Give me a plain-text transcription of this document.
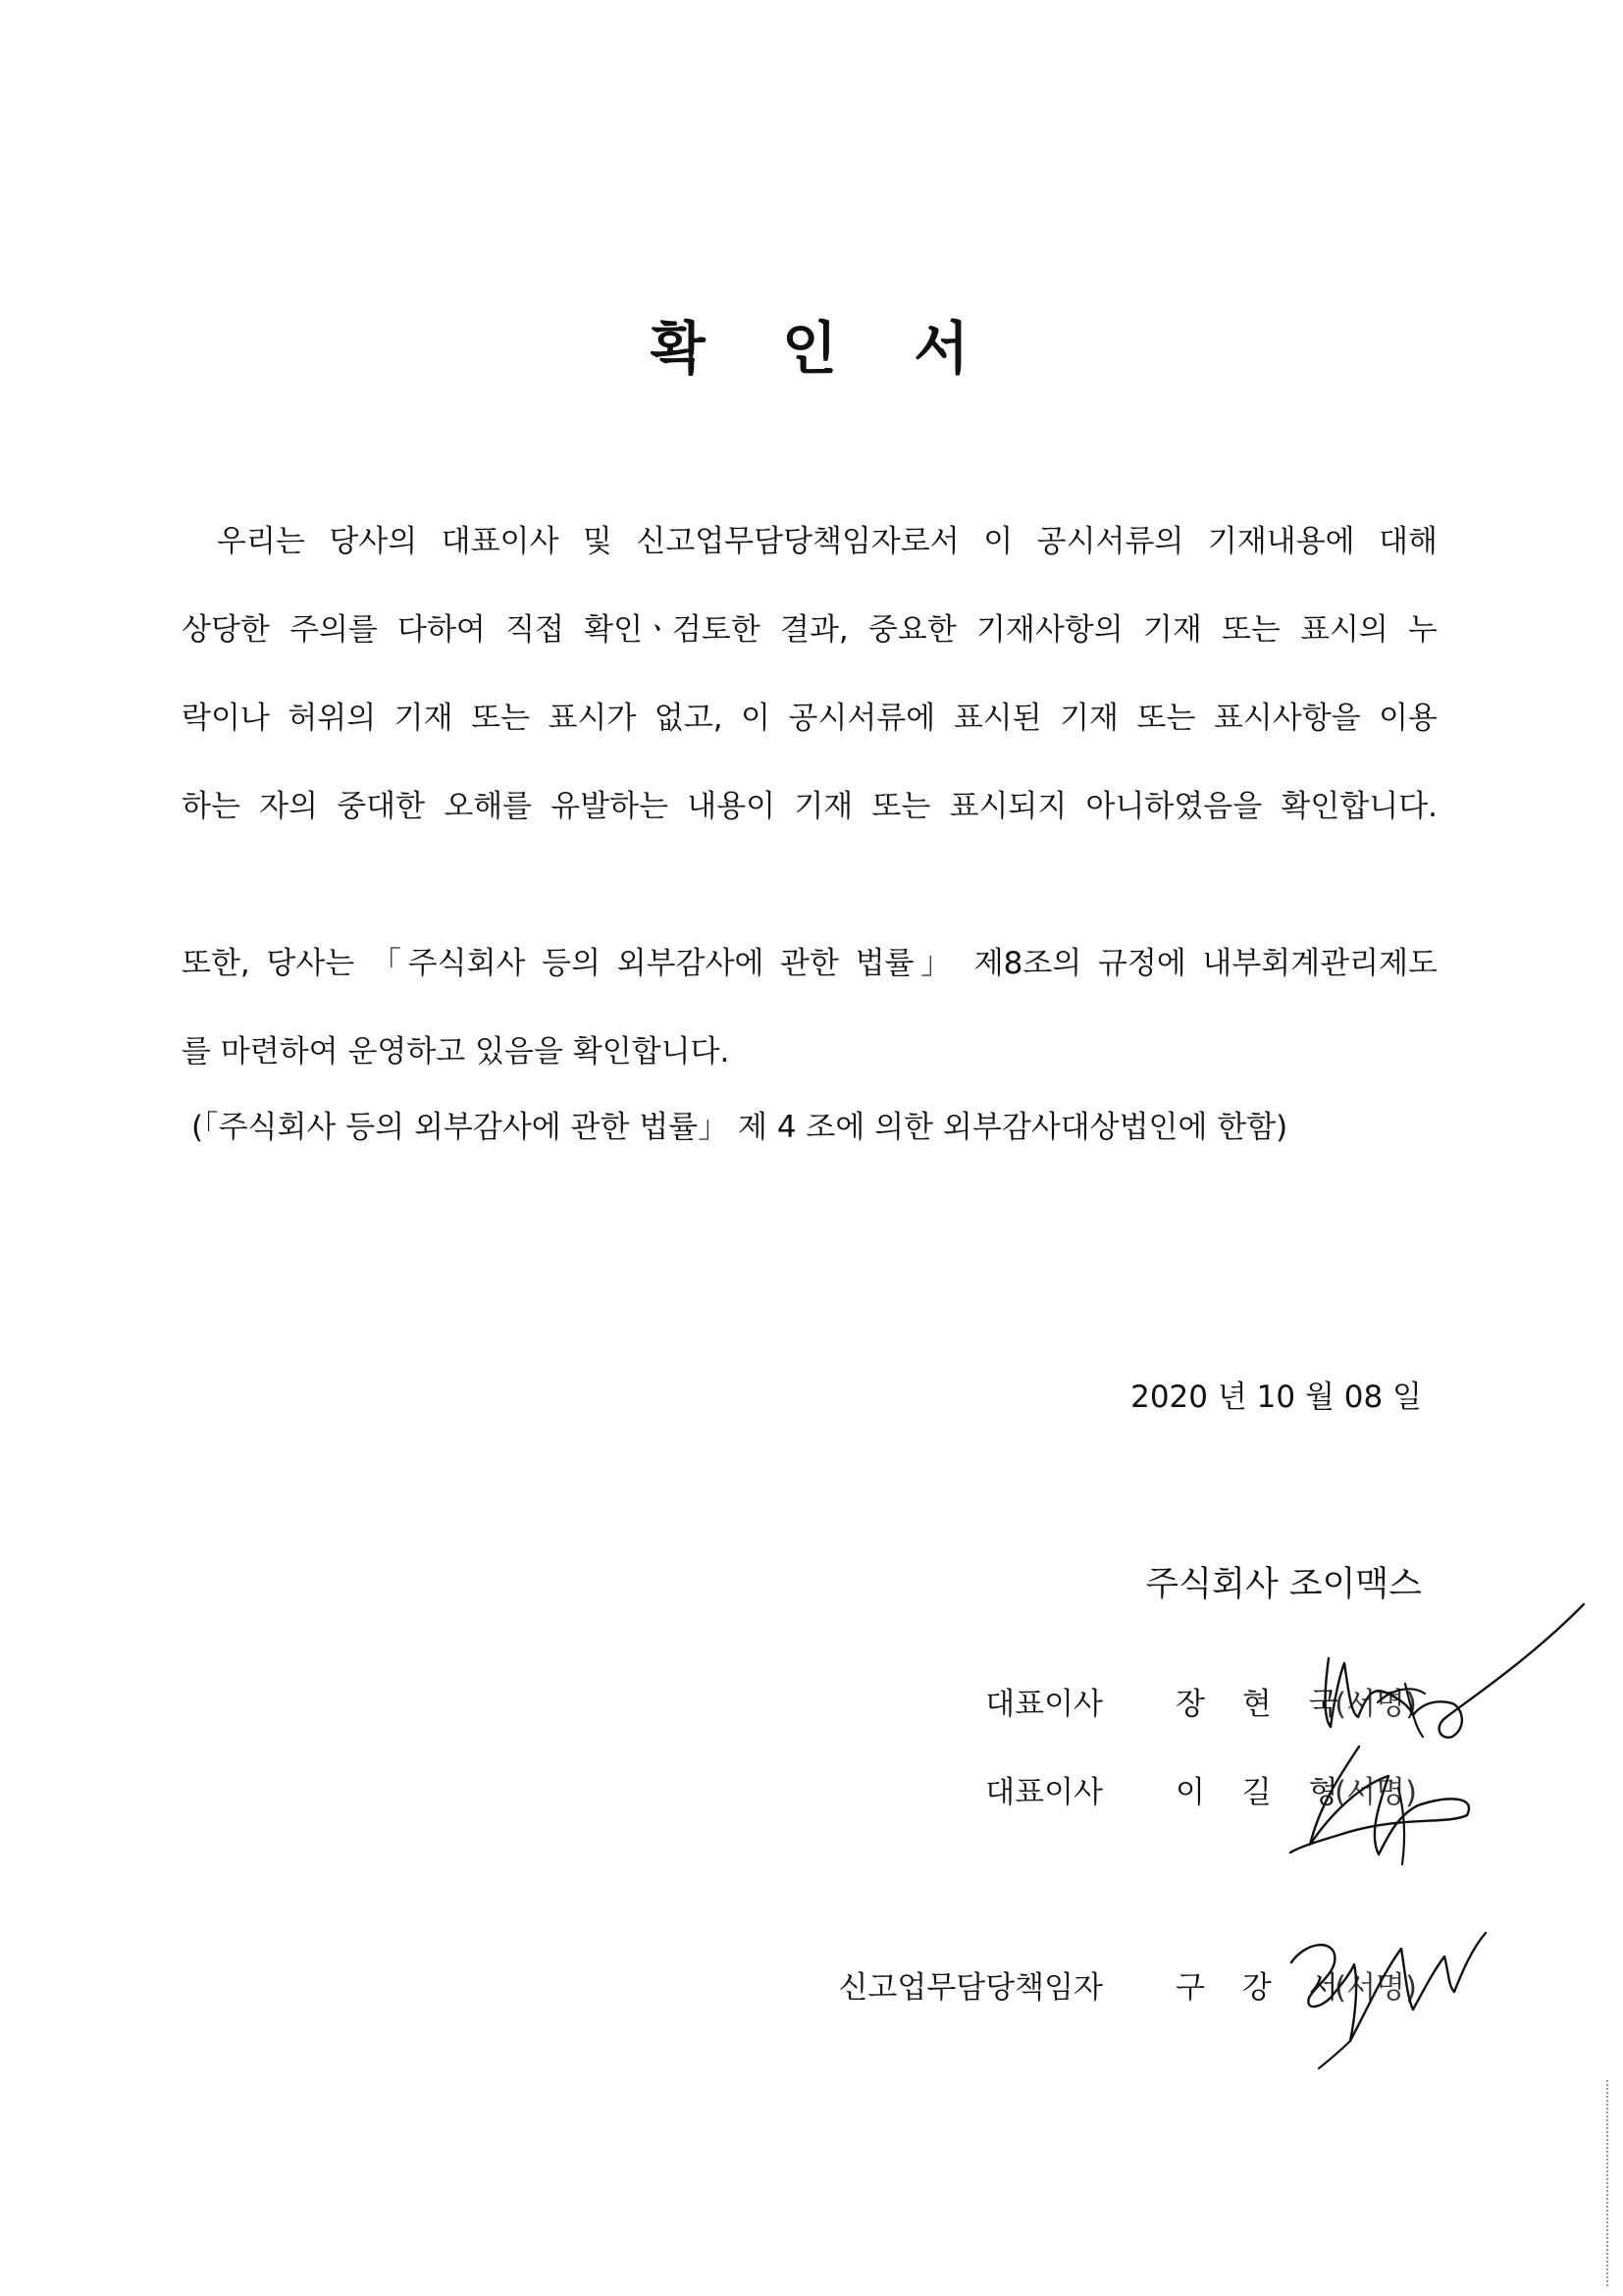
확 인 서
우리는 당사의 대표이사 및 신고업무담당책임자로서 이 공시서류의 기재내용에 대해
상당한 주의를 다하여 직접 확인ㆍ검토한 결과, 중요한 기재사항의 기재 또는 표시의 누
락이나 허위의 기재 또는 표시가 없고, 이 공시서류에 표시된 기재 또는 표시사항을 이용
하는 자의 중대한 오해를 유발하는 내용이 기재 또는 표시되지 아니하였음을 확인합니다.
또한, 당사는 「주식회사 등의 외부감사에 관한 법률」 제8조의 규정에 내부회계관리제도
를 마련하여 운영하고 있음을 확인합니다.
(「주식회사 등의 외부감사에 관한 법률」 제 4 조에 의한 외부감사대상법인에 한함)
2020 년 10 월 08 일
주식회사 조이맥스
대표이사 장 현 국
(서명)
대표이사 이 길 형
(서명)
신고업무담당책임자 구 강 서
(서명)
